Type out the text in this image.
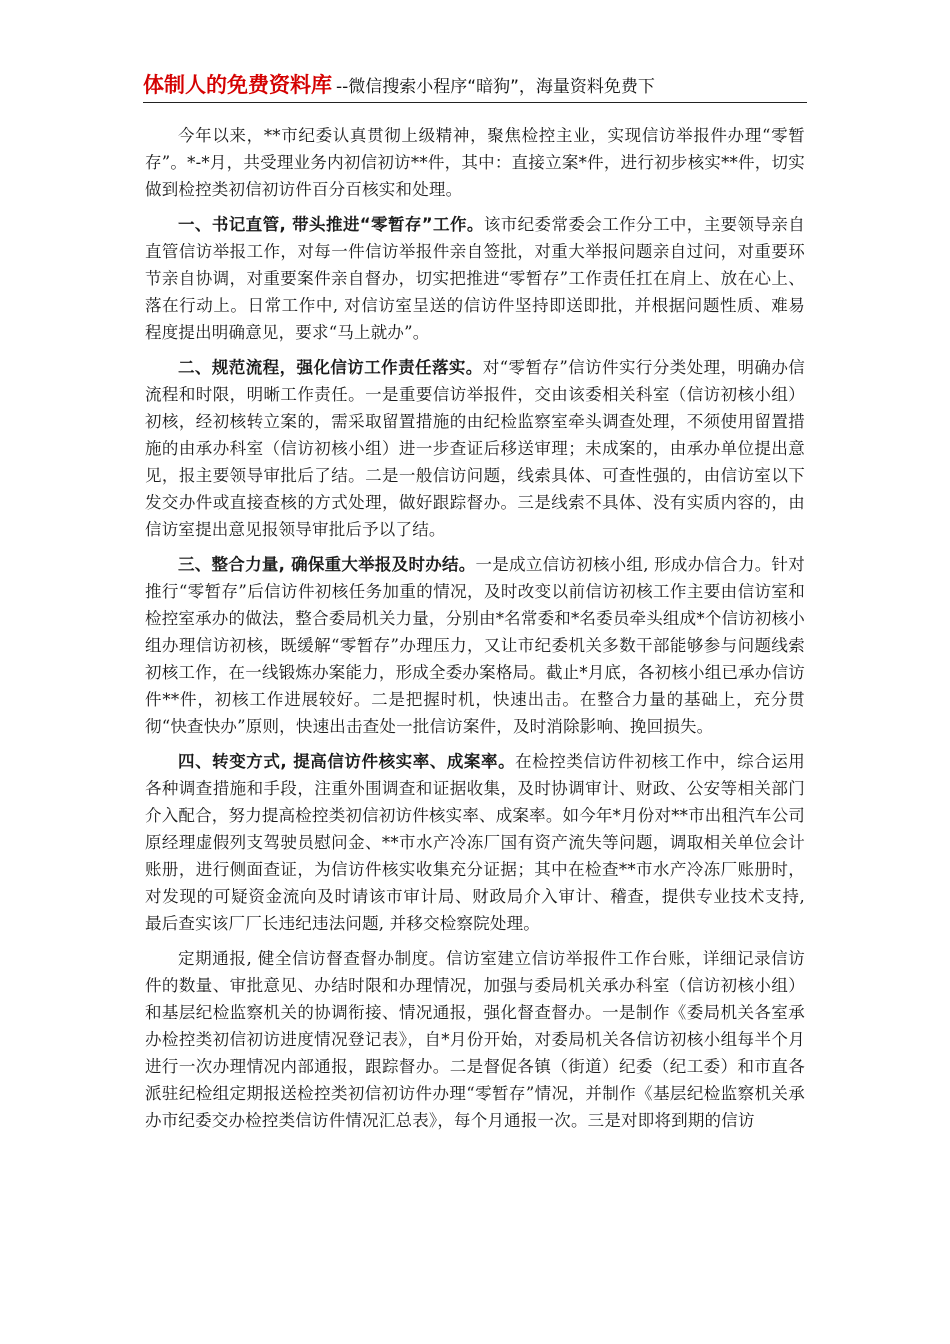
体制人的免费资料库 --微信搜索小程序“暗狗”，海量资料免费下

今年以来，**市纪委认真贯彻上级精神，聚焦检控主业，实现信访举报件办理“零暂存”。*-*月，共受理业务内初信初访**件，其中：直接立案*件，进行初步核实**件，切实做到检控类初信初访件百分百核实和处理。

一、书记直管, 带头推进“零暂存”工作。该市纪委常委会工作分工中，主要领导亲自直管信访举报工作，对每一件信访举报件亲自签批，对重大举报问题亲自过问，对重要环节亲自协调，对重要案件亲自督办，切实把推进“零暂存”工作责任扛在肩上、放在心上、落在行动上。日常工作中, 对信访室呈送的信访件坚持即送即批，并根据问题性质、难易程度提出明确意见，要求“马上就办”。

二、规范流程，强化信访工作责任落实。对“零暂存”信访件实行分类处理，明确办信流程和时限，明晰工作责任。一是重要信访举报件，交由该委相关科室（信访初核小组）初核，经初核转立案的，需采取留置措施的由纪检监察室牵头调查处理，不须使用留置措施的由承办科室（信访初核小组）进一步查证后移送审理；未成案的，由承办单位提出意见，报主要领导审批后了结。二是一般信访问题，线索具体、可查性强的，由信访室以下发交办件或直接查核的方式处理，做好跟踪督办。三是线索不具体、没有实质内容的，由信访室提出意见报领导审批后予以了结。

三、整合力量, 确保重大举报及时办结。一是成立信访初核小组, 形成办信合力。针对推行“零暂存”后信访件初核任务加重的情况，及时改变以前信访初核工作主要由信访室和检控室承办的做法，整合委局机关力量，分别由*名常委和*名委员牵头组成*个信访初核小组办理信访初核，既缓解“零暂存”办理压力，又让市纪委机关多数干部能够参与问题线索初核工作，在一线锻炼办案能力，形成全委办案格局。截止*月底，各初核小组已承办信访件**件，初核工作进展较好。二是把握时机，快速出击。在整合力量的基础上，充分贯彻“快查快办”原则，快速出击查处一批信访案件，及时消除影响、挽回损失。

四、转变方式, 提高信访件核实率、成案率。在检控类信访件初核工作中，综合运用各种调查措施和手段，注重外围调查和证据收集，及时协调审计、财政、公安等相关部门介入配合，努力提高检控类初信初访件核实率、成案率。如今年*月份对**市出租汽车公司原经理虚假列支驾驶员慰问金、**市水产冷冻厂国有资产流失等问题，调取相关单位会计账册，进行侧面查证，为信访件核实收集充分证据；其中在检查**市水产冷冻厂账册时，对发现的可疑资金流向及时请该市审计局、财政局介入审计、稽查，提供专业技术支持, 最后查实该厂厂长违纪违法问题, 并移交检察院处理。

定期通报, 健全信访督查督办制度。信访室建立信访举报件工作台账，详细记录信访件的数量、审批意见、办结时限和办理情况，加强与委局机关承办科室（信访初核小组）和基层纪检监察机关的协调衔接、情况通报，强化督查督办。一是制作《委局机关各室承办检控类初信初访进度情况登记表》，自*月份开始，对委局机关各信访初核小组每半个月进行一次办理情况内部通报，跟踪督办。二是督促各镇（街道）纪委（纪工委）和市直各派驻纪检组定期报送检控类初信初访件办理“零暂存”情况，并制作《基层纪检监察机关承办市纪委交办检控类信访件情况汇总表》，每个月通报一次。三是对即将到期的信访
